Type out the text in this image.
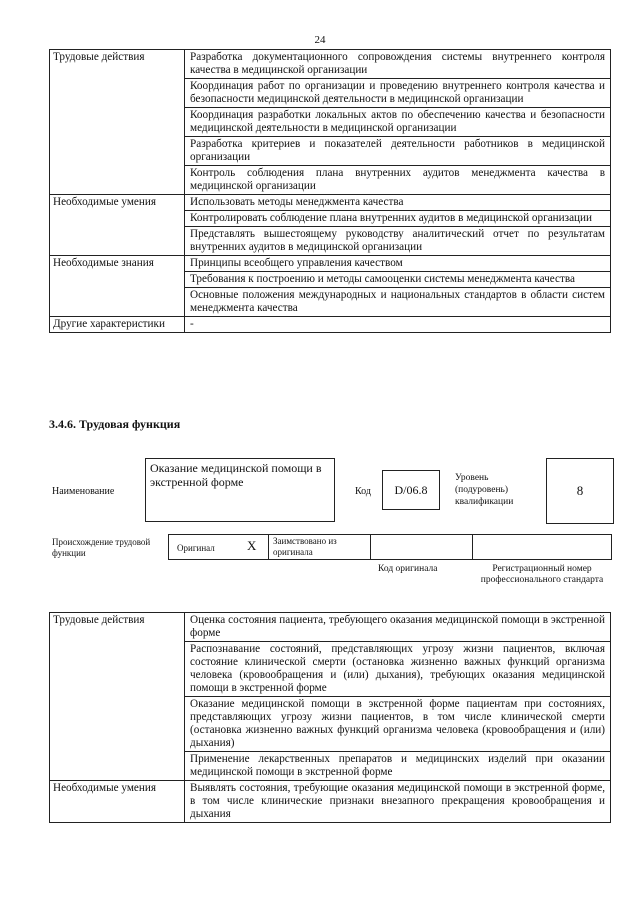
24
Трудовые действия	Разработка документационного сопровождения системы внутреннего контроля качества в медицинской организации
	Координация работ по организации и проведению внутреннего контроля качества и безопасности медицинской деятельности в медицинской организации
	Координация разработки локальных актов по обеспечению качества и безопасности медицинской деятельности в медицинской организации
	Разработка критериев и показателей деятельности работников в медицинской организации
	Контроль соблюдения плана внутренних аудитов менеджмента качества в медицинской организации
Необходимые умения	Использовать методы менеджмента качества
	Контролировать соблюдение плана внутренних аудитов в медицинской организации
	Представлять вышестоящему руководству аналитический отчет по результатам внутренних аудитов в медицинской организации
Необходимые знания	Принципы всеобщего управления качеством
	Требования к построению и методы самооценки системы менеджмента качества
	Основные положения международных и национальных стандартов в области систем менеджмента качества
Другие характеристики	-
3.4.6. Трудовая функция
Наименование
Оказание медицинской помощи в экстренной форме
Код	D/06.8
Уровень (подуровень) квалификации
8
Происхождение трудовой функции	Оригинал X Заимствовано из оригинала
Код оригинала	Регистрационный номер профессионального стандарта
Трудовые действия	Оценка состояния пациента, требующего оказания медицинской помощи в экстренной форме
	Распознавание состояний, представляющих угрозу жизни пациентов, включая состояние клинической смерти (остановка жизненно важных функций организма человека (кровообращения и (или) дыхания), требующих оказания медицинской помощи в экстренной форме
	Оказание медицинской помощи в экстренной форме пациентам при состояниях, представляющих угрозу жизни пациентов, в том числе клинической смерти (остановка жизненно важных функций организма человека (кровообращения и (или) дыхания)
	Применение лекарственных препаратов и медицинских изделий при оказании медицинской помощи в экстренной форме
Необходимые умения	Выявлять состояния, требующие оказания медицинской помощи в экстренной форме, в том числе клинические признаки внезапного прекращения кровообращения и дыхания
